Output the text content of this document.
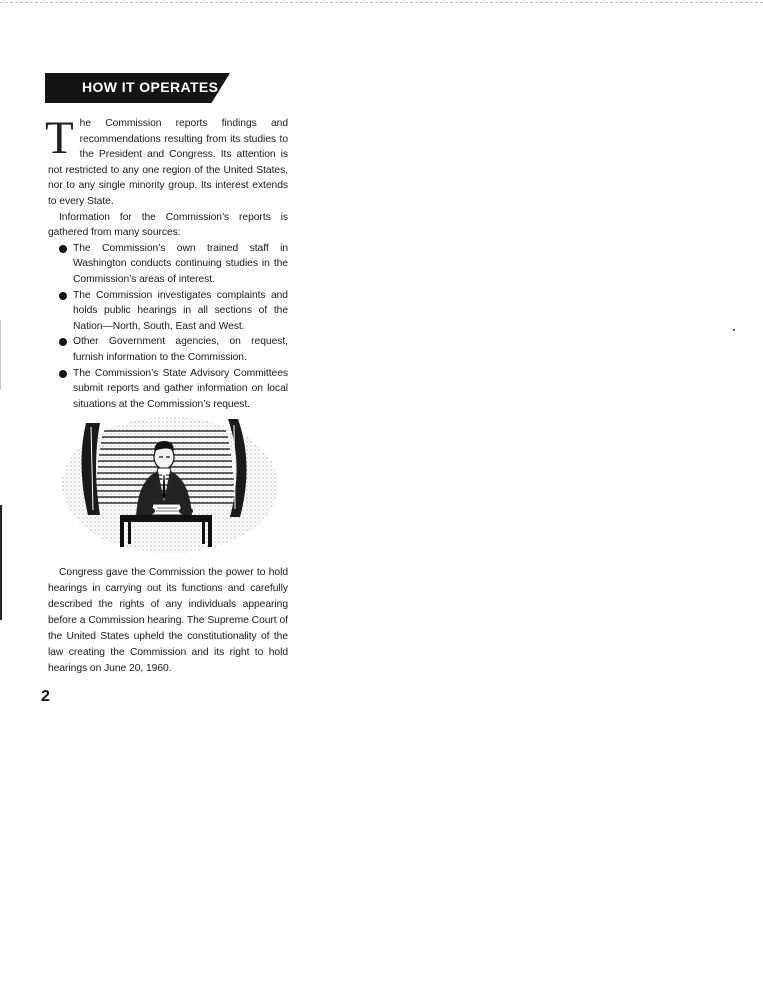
HOW IT OPERATES

T he Commission reports findings and recommendations resulting from its studies to the President and Congress. Its attention is not restricted to any one region of the United States, nor to any single minority group. Its interest extends to every State.

Information for the Commission’s reports is gathered from many sources:

The Commission’s own trained staff in Washington conducts continuing studies in the Commission’s areas of interest.
The Commission investigates complaints and holds public hearings in all sections of the Nation—North, South, East and West.
Other Government agencies, on request, furnish information to the Commission.
The Commission’s State Advisory Committees submit reports and gather information on local situations at the Commission’s request.

Congress gave the Commission the power to hold hearings in carrying out its functions and carefully described the rights of any individuals appearing before a Commission hearing. The Supreme Court of the United States upheld the constitutionality of the law creating the Commission and its right to hold hearings on June 20, 1960.

2
